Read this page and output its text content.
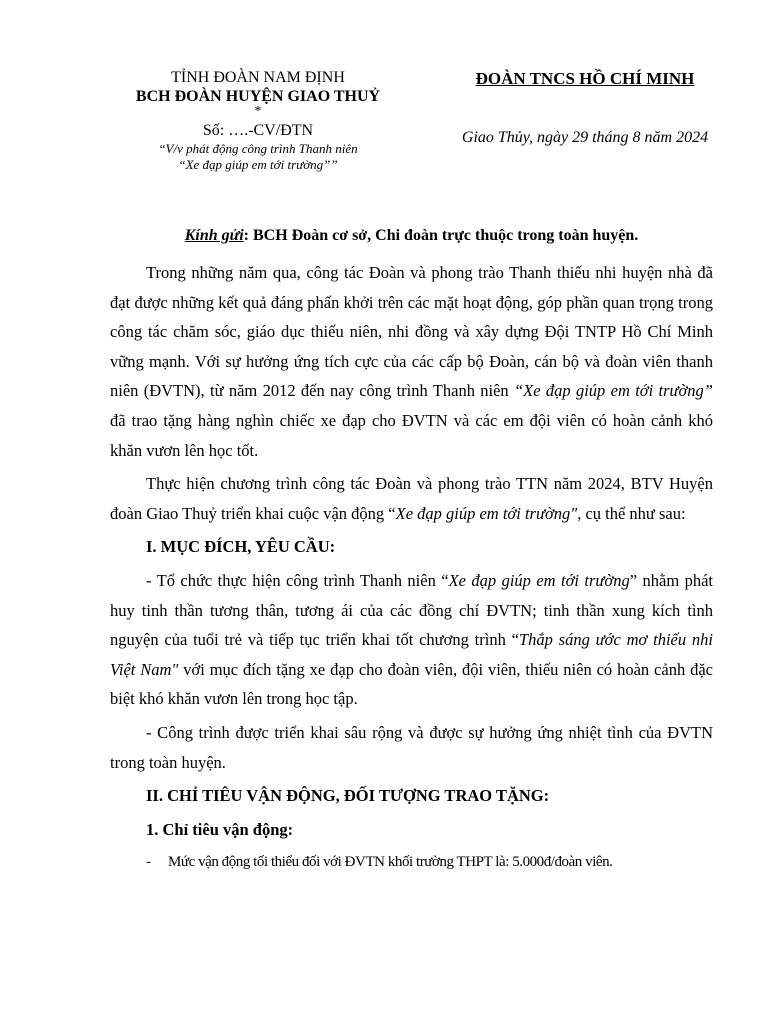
TỈNH ĐOÀN NAM ĐỊNH
BCH ĐOÀN HUYỆN GIAO THUỶ
*
Số: ….-CV/ĐTN
“V/v phát động công trình Thanh niên
“Xe đạp giúp em tới trường””
ĐOÀN TNCS HỒ CHÍ MINH
Giao Thủy, ngày 29 tháng 8 năm 2024
Kính gửi: BCH Đoàn cơ sở, Chi đoàn trực thuộc trong toàn huyện.

Trong những năm qua, công tác Đoàn và phong trào Thanh thiếu nhi huyện nhà đã đạt được những kết quả đáng phấn khởi trên các mặt hoạt động, góp phần quan trọng trong công tác chăm sóc, giáo dục thiếu niên, nhi đồng và xây dựng Đội TNTP Hồ Chí Minh vững mạnh. Với sự hưởng ứng tích cực của các cấp bộ Đoàn, cán bộ và đoàn viên thanh niên (ĐVTN), từ năm 2012 đến nay công trình Thanh niên “Xe đạp giúp em tới trường” đã trao tặng hàng nghìn chiếc xe đạp cho ĐVTN và các em đội viên có hoàn cảnh khó khăn vươn lên học tốt.

Thực hiện chương trình công tác Đoàn và phong trào TTN năm 2024, BTV Huyện đoàn Giao Thuỷ triển khai cuộc vận động “Xe đạp giúp em tới trường", cụ thể như sau:

I. MỤC ĐÍCH, YÊU CẦU:

- Tổ chức thực hiện công trình Thanh niên “Xe đạp giúp em tới trường” nhằm phát huy tinh thần tương thân, tương ái của các đồng chí ĐVTN; tinh thần xung kích tình nguyện của tuổi trẻ và tiếp tục triển khai tốt chương trình “Thắp sáng ước mơ thiếu nhi Việt Nam" với mục đích tặng xe đạp cho đoàn viên, đội viên, thiếu niên có hoàn cảnh đặc biệt khó khăn vươn lên trong học tập.

- Công trình được triển khai sâu rộng và được sự hưởng ứng nhiệt tình của ĐVTN trong toàn huyện.

II. CHỈ TIÊU VẬN ĐỘNG, ĐỐI TƯỢNG TRAO TẶNG:

1. Chỉ tiêu vận động:

- Mức vận động tối thiểu đối với ĐVTN khối trường THPT là: 5.000đ/đoàn viên.
